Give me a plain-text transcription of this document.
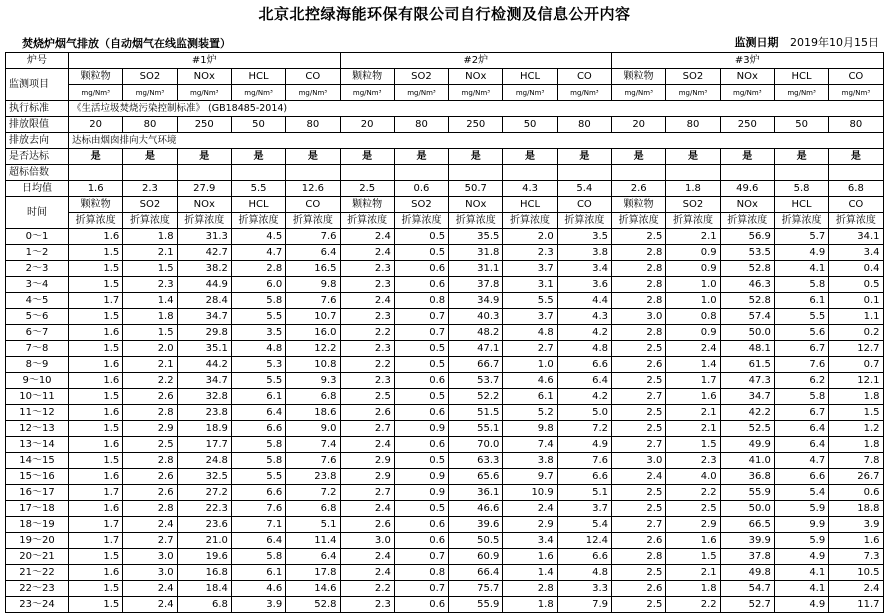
北京北控绿海能环保有限公司自行检测及信息公开内容
焚烧炉烟气排放（自动烟气在线监测装置）	监测日期 2019年10月15日
炉号	#1炉					#2炉					#3炉				
监测项目	颗粒物	SO2	NOx	HCL	CO	颗粒物	SO2	NOx	HCL	CO	颗粒物	SO2	NOx	HCL	CO
	mg/Nm³	mg/Nm³	mg/Nm³	mg/Nm³	mg/Nm³	mg/Nm³	mg/Nm³	mg/Nm³	mg/Nm³	mg/Nm³	mg/Nm³	mg/Nm³	mg/Nm³	mg/Nm³	mg/Nm³
执行标准	《生活垃圾焚烧污染控制标准》 (GB18485-2014)														
排放限值	20	80	250	50	80	20	80	250	50	80	20	80	250	50	80
排放去向	达标由烟囱排向大气环境														
是否达标	是	是	是	是	是	是	是	是	是	是	是	是	是	是	是
超标倍数															
日均值	1.6	2.3	27.9	5.5	12.6	2.5	0.6	50.7	4.3	5.4	2.6	1.8	49.6	5.8	6.8
时间	颗粒物	SO2	NOx	HCL	CO	颗粒物	SO2	NOx	HCL	CO	颗粒物	SO2	NOx	HCL	CO
	折算浓度	折算浓度	折算浓度	折算浓度	折算浓度	折算浓度	折算浓度	折算浓度	折算浓度	折算浓度	折算浓度	折算浓度	折算浓度	折算浓度	折算浓度
0～1	1.6	1.8	31.3	4.5	7.6	2.4	0.5	35.5	2.0	3.5	2.5	2.1	56.9	5.7	34.1
1～2	1.5	2.1	42.7	4.7	6.4	2.4	0.5	31.8	2.3	3.8	2.8	0.9	53.5	4.9	3.4
2～3	1.5	1.5	38.2	2.8	16.5	2.3	0.6	31.1	3.7	3.4	2.8	0.9	52.8	4.1	0.4
3～4	1.5	2.3	44.9	6.0	9.8	2.3	0.6	37.8	3.1	3.6	2.8	1.0	46.3	5.8	0.5
4～5	1.7	1.4	28.4	5.8	7.6	2.4	0.8	34.9	5.5	4.4	2.8	1.0	52.8	6.1	0.1
5～6	1.5	1.8	34.7	5.5	10.7	2.3	0.7	40.3	3.7	4.3	3.0	0.8	57.4	5.5	1.1
6～7	1.6	1.5	29.8	3.5	16.0	2.2	0.7	48.2	4.8	4.2	2.8	0.9	50.0	5.6	0.2
7～8	1.5	2.0	35.1	4.8	12.2	2.3	0.5	47.1	2.7	4.8	2.5	2.4	48.1	6.7	12.7
8～9	1.6	2.1	44.2	5.3	10.8	2.2	0.5	66.7	1.0	6.6	2.6	1.4	61.5	7.6	0.7
9～10	1.6	2.2	34.7	5.5	9.3	2.3	0.6	53.7	4.6	6.4	2.5	1.7	47.3	6.2	12.1
10～11	1.5	2.6	32.8	6.1	6.8	2.5	0.5	52.2	6.1	4.2	2.7	1.6	34.7	5.8	1.8
11～12	1.6	2.8	23.8	6.4	18.6	2.6	0.6	51.5	5.2	5.0	2.5	2.1	42.2	6.7	1.5
12～13	1.5	2.9	18.9	6.6	9.0	2.7	0.9	55.1	9.8	7.2	2.5	2.1	52.5	6.4	1.2
13～14	1.6	2.5	17.7	5.8	7.4	2.4	0.6	70.0	7.4	4.9	2.7	1.5	49.9	6.4	1.8
14～15	1.5	2.8	24.8	5.8	7.6	2.9	0.5	63.3	3.8	7.6	3.0	2.3	41.0	4.7	7.8
15～16	1.6	2.6	32.5	5.5	23.8	2.9	0.9	65.6	9.7	6.6	2.4	4.0	36.8	6.6	26.7
16～17	1.7	2.6	27.2	6.6	7.2	2.7	0.9	36.1	10.9	5.1	2.5	2.2	55.9	5.4	0.6
17～18	1.6	2.8	22.3	7.6	6.8	2.4	0.5	46.6	2.4	3.7	2.5	2.5	50.0	5.9	18.8
18～19	1.7	2.4	23.6	7.1	5.1	2.6	0.6	39.6	2.9	5.4	2.7	2.9	66.5	9.9	3.9
19～20	1.7	2.7	21.0	6.4	11.4	3.0	0.6	50.5	3.4	12.4	2.6	1.6	39.9	5.9	1.6
20～21	1.5	3.0	19.6	5.8	6.4	2.4	0.7	60.9	1.6	6.6	2.8	1.5	37.8	4.9	7.3
21～22	1.6	3.0	16.8	6.1	17.8	2.4	0.8	66.4	1.4	4.8	2.5	2.1	49.8	4.1	10.5
22～23	1.5	2.4	18.4	4.6	14.6	2.2	0.7	75.7	2.8	3.3	2.6	1.8	54.7	4.1	2.4
23～24	1.5	2.4	6.8	3.9	52.8	2.3	0.6	55.9	1.8	7.9	2.5	2.2	52.7	4.9	11.7
